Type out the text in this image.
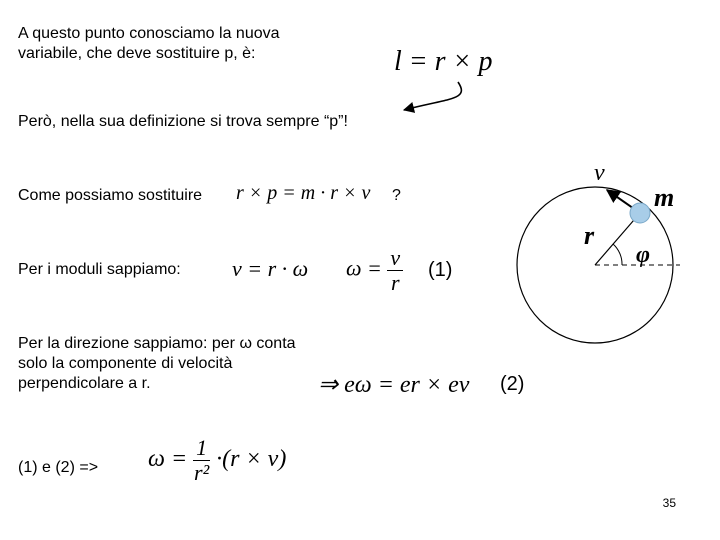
A questo punto conosciamo la nuova
variabile, che deve sostituire p, è:
Però, nella sua definizione si trova sempre “p”!
Come possiamo sostituire	?
Per i moduli sappiamo:	(1)
Per la direzione sappiamo: per ω conta
solo la componente di velocità
perpendicolare a r.	(2)
(1) e (2) =>
l = r × p
r × p = m · r × v
v = r · ω $\omega = \frac{v}{r}$
⇒ eω = er × ev
$\omega = \frac{1}{\text{r²}} \cdot(r \times v)$
v
m
r
φ
35
